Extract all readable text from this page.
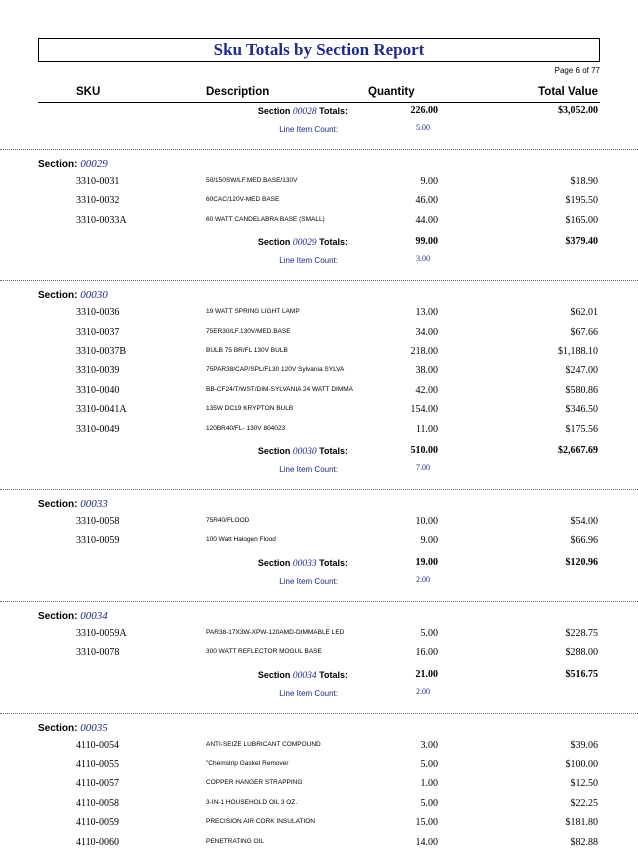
Sku Totals by Section Report
Page 6 of 77
SKU	Description	Quantity	Total Value
Section 00028 Totals:	226.00	$3,052.00
Line Item Count:	5.00
Section: 00029
3310-0031	50/150SW/LF.MED.BASE/130V	9.00	$18.90
3310-0032	60CAC/120V-MED BASE	46.00	$195.50
3310-0033A	60 WATT CANDELABRA BASE (SMALL)	44.00	$165.00
Section 00029 Totals:	99.00	$379.40
Line Item Count:	3.00
Section: 00030
3310-0036	19 WATT SPRING LIGHT LAMP	13.00	$62.01
3310-0037	75ER30/LF.130V/MED.BASE	34.00	$67.66
3310-0037B	BULB 75 BR/FL 130V BULB	218.00	$1,188.10
3310-0039	75PAR38/CAP/SPL/FL30 120V Sylvania SYLVA	38.00	$247.00
3310-0040	BB-CF24/T/WST/DIM-SYLVANIA 24 WATT DIMMA	42.00	$580.86
3310-0041A	135W DC19 KRYPTON BULB	154.00	$346.50
3310-0049	120BR40/FL- 130V 804023	11.00	$175.56
Section 00030 Totals:	510.00	$2,667.69
Line Item Count:	7.00
Section: 00033
3310-0058	75R40/FLOOD	10.00	$54.00
3310-0059	100 Watt Halogen Flood	9.00	$66.96
Section 00033 Totals:	19.00	$120.96
Line Item Count:	2.00
Section: 00034
3310-0059A	PAR38-17X3W-XPW-120AMD-DIMMABLE LED	5.00	$228.75
3310-0078	300 WATT REFLECTOR MOGUL BASE	16.00	$288.00
Section 00034 Totals:	21.00	$516.75
Line Item Count:	2.00
Section: 00035
4110-0054	ANTI-SEIZE LUBRICANT COMPOUND	3.00	$39.06
4110-0055	"Chemstrip Gasket Remover	5.00	$100.00
4110-0057	COPPER HANGER STRAPPING	1.00	$12.50
4110-0058	3-IN-1 HOUSEHOLD OIL 3 OZ.	5.00	$22.25
4110-0059	PRECISION AIR CORK INSULATION	15.00	$181.80
4110-0060	PENETRATING OIL	14.00	$82.88
